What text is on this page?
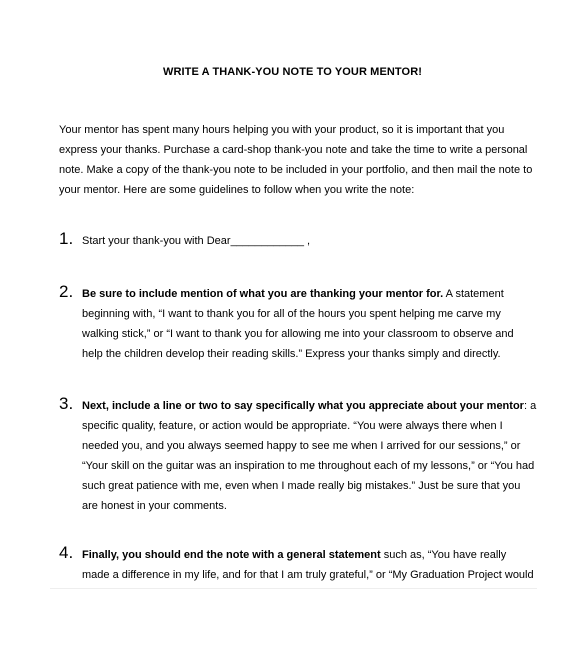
WRITE A THANK-YOU NOTE TO YOUR MENTOR!
Your mentor has spent many hours helping you with your product, so it is important that you
express your thanks. Purchase a card-shop thank-you note and take the time to write a personal
note. Make a copy of the thank-you note to be included in your portfolio, and then mail the note to
your mentor. Here are some guidelines to follow when you write the note:
1. Start your thank-you with Dear____________ ,
2. Be sure to include mention of what you are thanking your mentor for. A statement
beginning with, “I want to thank you for all of the hours you spent helping me carve my
walking stick,” or “I want to thank you for allowing me into your classroom to observe and
help the children develop their reading skills.” Express your thanks simply and directly.
3. Next, include a line or two to say specifically what you appreciate about your mentor: a
specific quality, feature, or action would be appropriate. “You were always there when I
needed you, and you always seemed happy to see me when I arrived for our sessions,” or
“Your skill on the guitar was an inspiration to me throughout each of my lessons,” or “You had
such great patience with me, even when I made really big mistakes.” Just be sure that you
are honest in your comments.
4. Finally, you should end the note with a general statement such as, “You have really
made a difference in my life, and for that I am truly grateful,” or “My Graduation Project would
